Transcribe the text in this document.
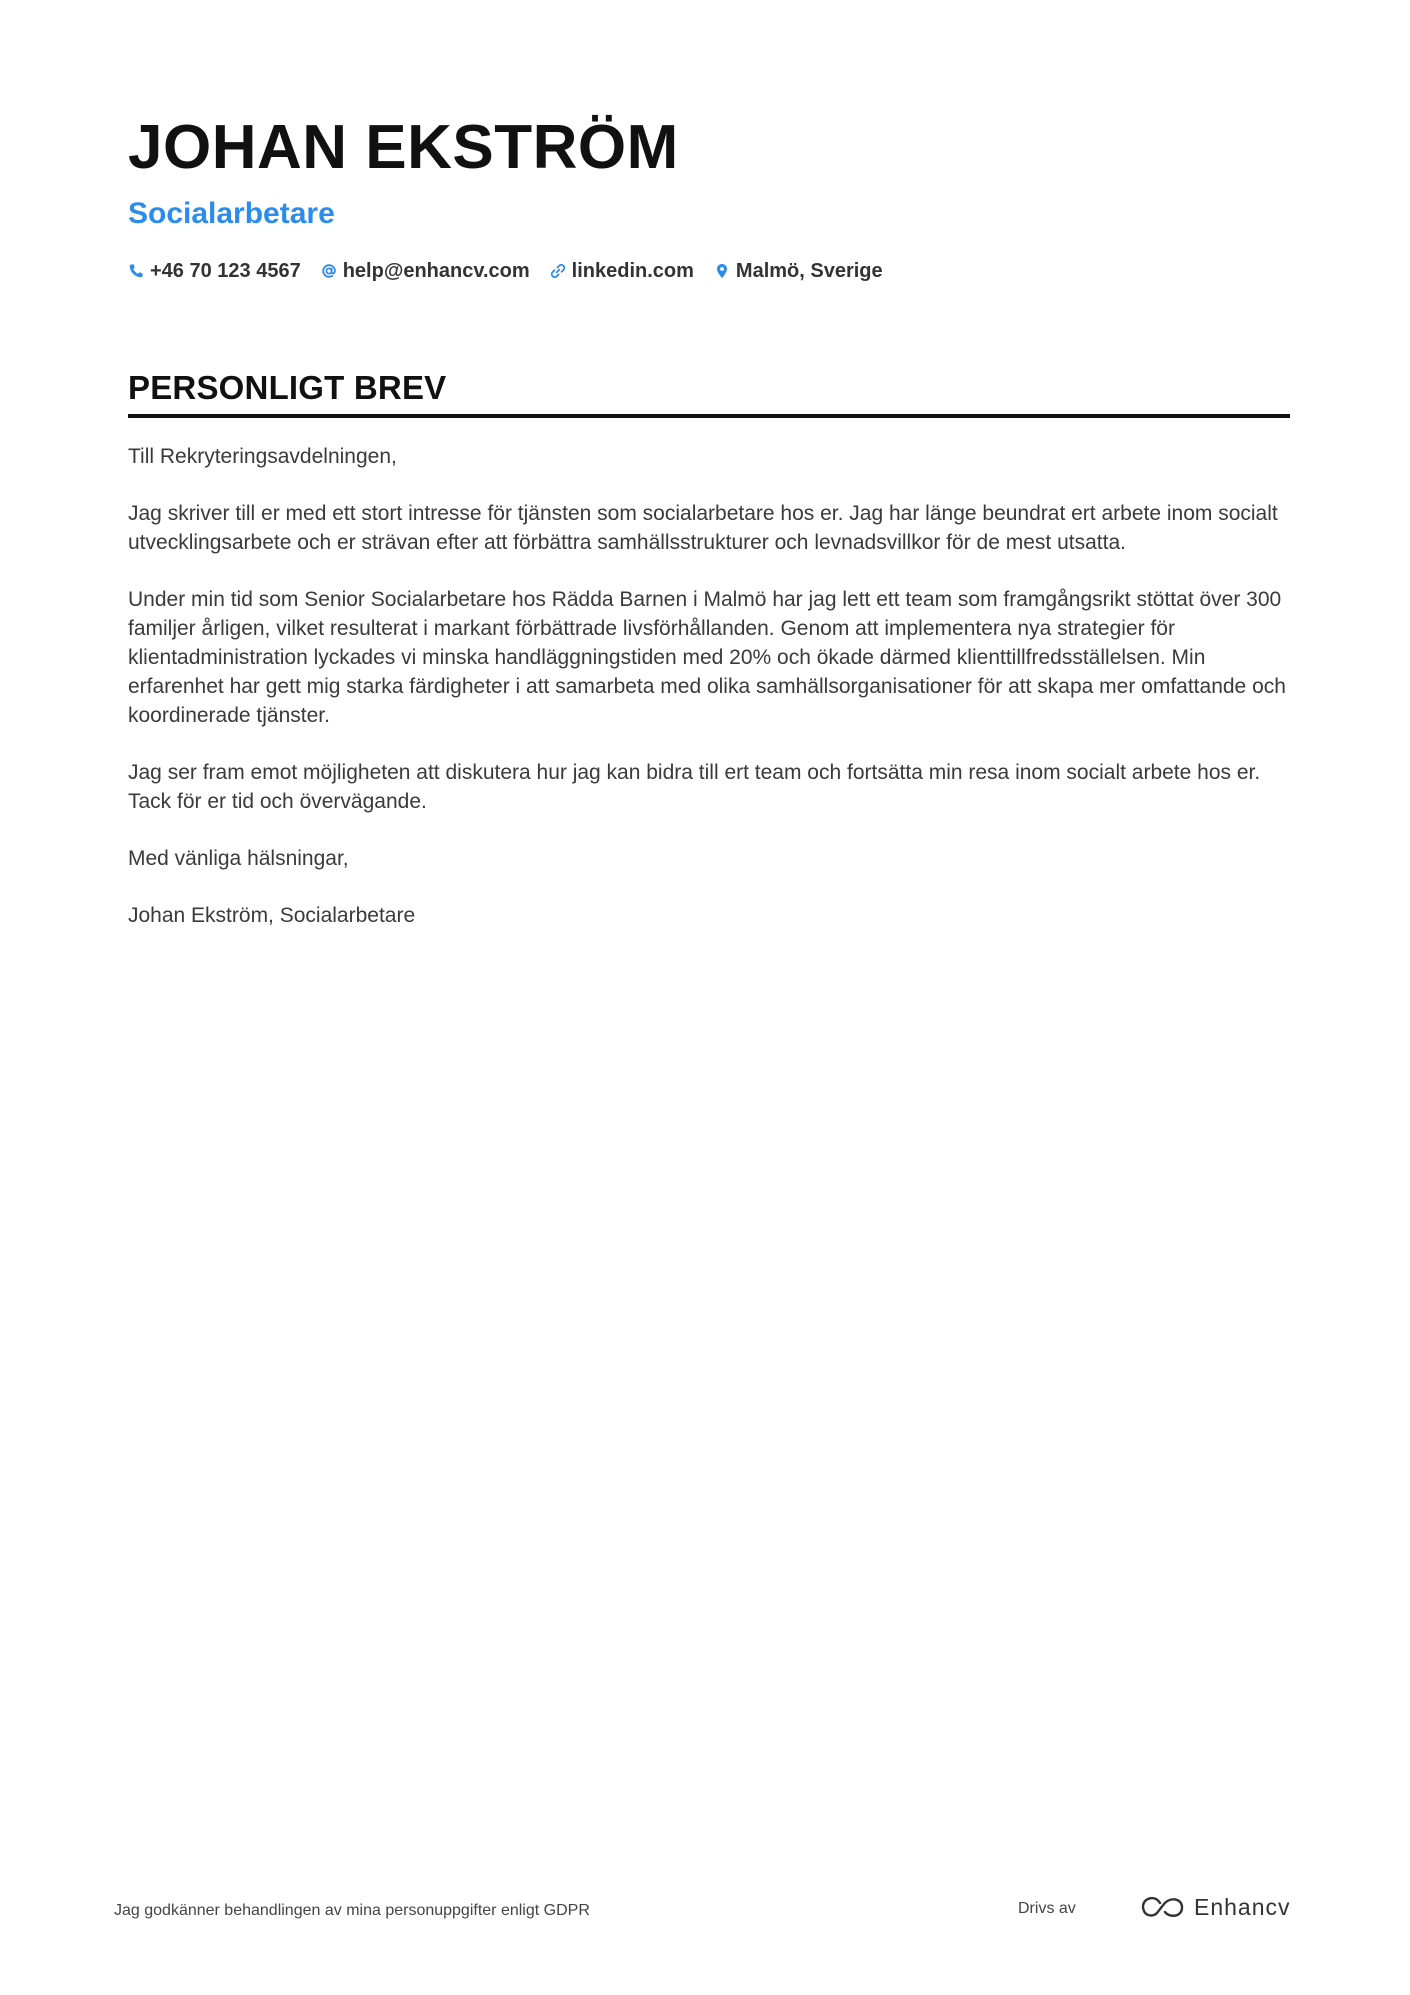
JOHAN EKSTRÖM
Socialarbetare
+46 70 123 4567 help@enhancv.com linkedin.com Malmö, Sverige
PERSONLIGT BREV

Till Rekryteringsavdelningen,

Jag skriver till er med ett stort intresse för tjänsten som socialarbetare hos er. Jag har länge beundrat ert arbete inom socialt utvecklingsarbete och er strävan efter att förbättra samhällsstrukturer och levnadsvillkor för de mest utsatta.

Under min tid som Senior Socialarbetare hos Rädda Barnen i Malmö har jag lett ett team som framgångsrikt stöttat över 300 familjer årligen, vilket resulterat i markant förbättrade livsförhållanden. Genom att implementera nya strategier för klientadministration lyckades vi minska handläggningstiden med 20% och ökade därmed klienttillfredsställelsen. Min erfarenhet har gett mig starka färdigheter i att samarbeta med olika samhällsorganisationer för att skapa mer omfattande och koordinerade tjänster.

Jag ser fram emot möjligheten att diskutera hur jag kan bidra till ert team och fortsätta min resa inom socialt arbete hos er. Tack för er tid och övervägande.

Med vänliga hälsningar,

Johan Ekström, Socialarbetare

Jag godkänner behandlingen av mina personuppgifter enligt GDPR	Drivs av	Enhancv
